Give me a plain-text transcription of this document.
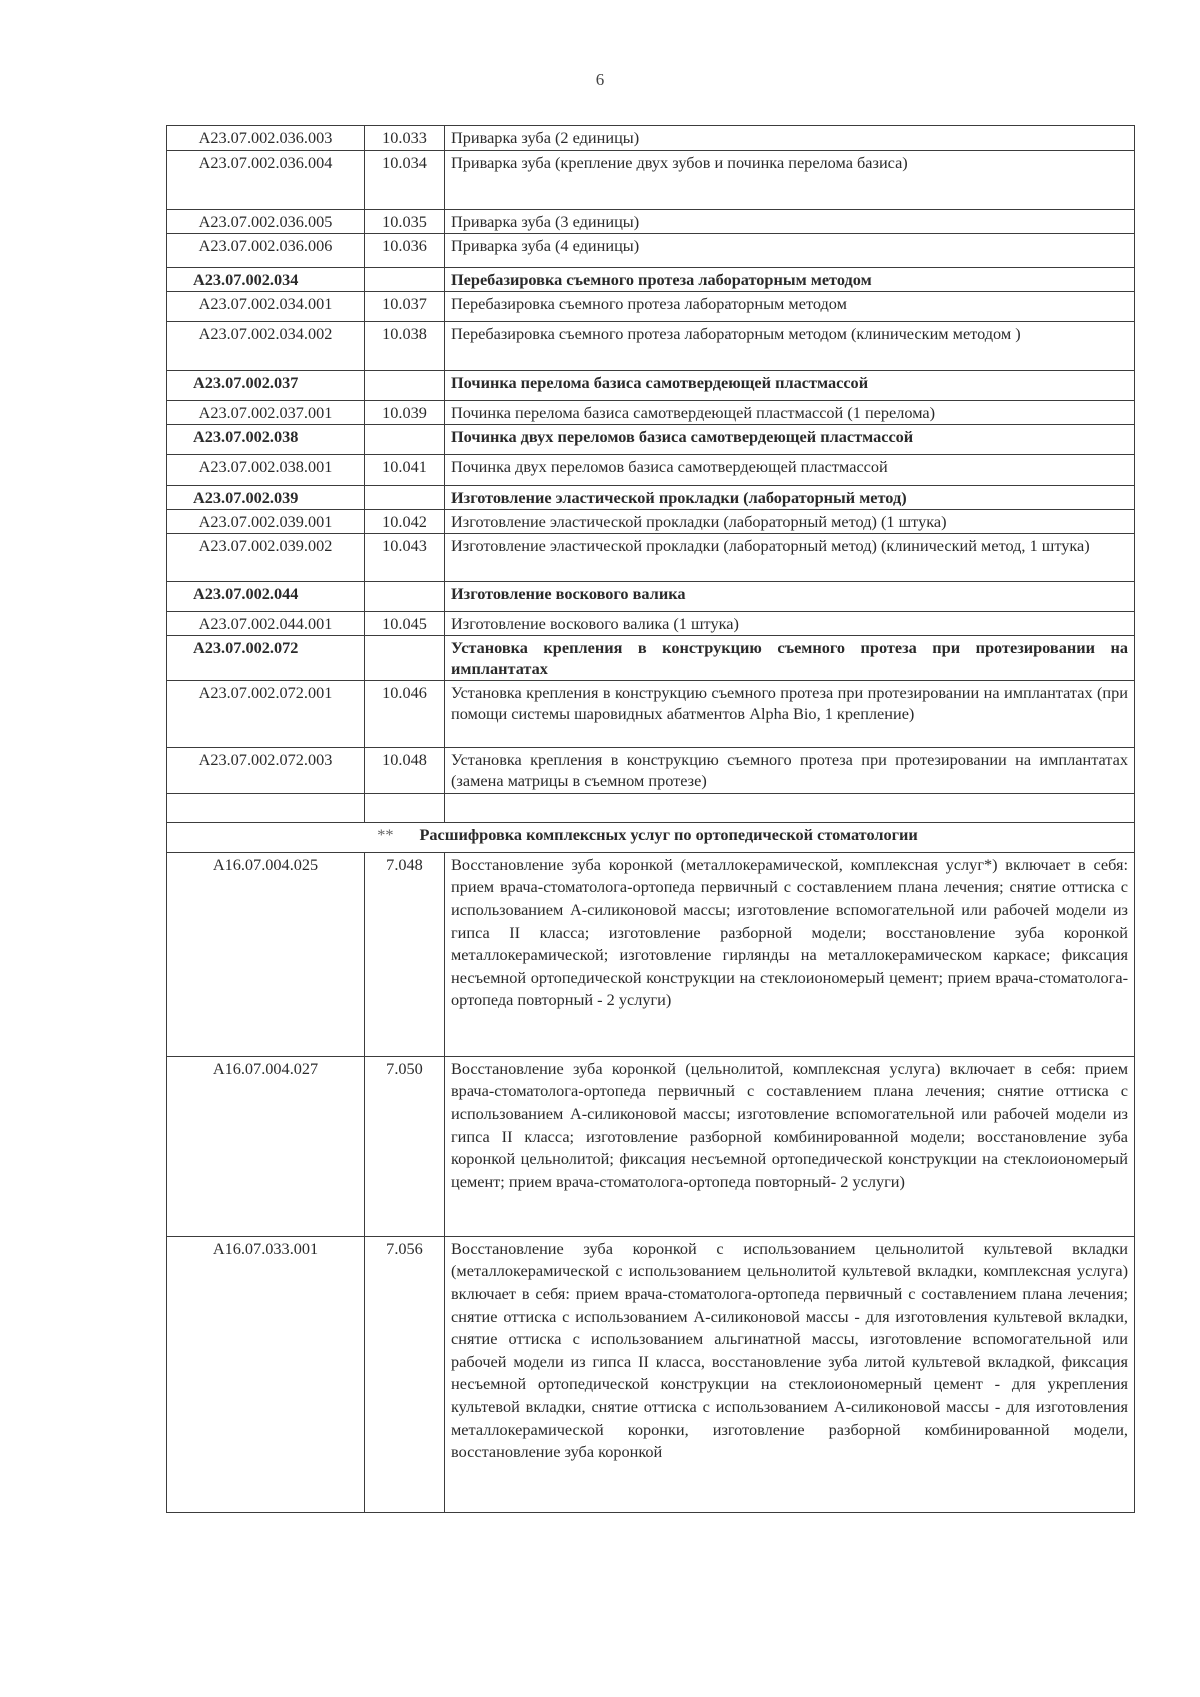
6
А23.07.002.036.003	10.033	Приварка зуба (2 единицы)
А23.07.002.036.004	10.034	Приварка зуба (крепление двух зубов и починка перелома базиса)
А23.07.002.036.005	10.035	Приварка зуба (3 единицы)
А23.07.002.036.006	10.036	Приварка зуба (4 единицы)
А23.07.002.034		Перебазировка съемного протеза лабораторным методом
А23.07.002.034.001	10.037	Перебазировка съемного протеза лабораторным методом
А23.07.002.034.002	10.038	Перебазировка съемного протеза лабораторным методом (клиническим методом )
А23.07.002.037		Починка перелома базиса самотвердеющей пластмассой
А23.07.002.037.001	10.039	Починка перелома базиса самотвердеющей пластмассой (1 перелома)
А23.07.002.038		Починка двух переломов базиса самотвердеющей пластмассой
А23.07.002.038.001	10.041	Починка двух переломов базиса самотвердеющей пластмассой
А23.07.002.039		Изготовление эластической прокладки (лабораторный метод)
А23.07.002.039.001	10.042	Изготовление эластической прокладки (лабораторный метод) (1 штука)
А23.07.002.039.002	10.043	Изготовление эластической прокладки (лабораторный метод) (клинический метод, 1 штука)
А23.07.002.044		Изготовление воскового валика
А23.07.002.044.001	10.045	Изготовление воскового валика (1 штука)
А23.07.002.072		Установка крепления в конструкцию съемного протеза при протезировании на имплантатах
А23.07.002.072.001	10.046	Установка крепления в конструкцию съемного протеза при протезировании на имплантатах (при помощи системы шаровидных абатментов Alpha Bio, 1 крепление)
А23.07.002.072.003	10.048	Установка крепления в конструкцию съемного протеза при протезировании на имплантатах (замена матрицы в съемном протезе)

** Расшифровка комплексных услуг по ортопедической стоматологии		
А16.07.004.025	7.048	Восстановление зуба коронкой (металлокерамической, комплексная услуг*) включает в себя: прием врача-стоматолога-ортопеда первичный с составлением плана лечения; снятие оттиска с использованием А-силиконовой массы; изготовление вспомогательной или рабочей модели из гипса II класса; изготовление разборной модели; восстановление зуба коронкой металлокерамической; изготовление гирлянды на металлокерамическом каркасе; фиксация несъемной ортопедической конструкции на стеклоиономерый цемент; прием врача-стоматолога-ортопеда повторный - 2 услуги)
А16.07.004.027	7.050	Восстановление зуба коронкой (цельнолитой, комплексная услуга) включает в себя: прием врача-стоматолога-ортопеда первичный с составлением плана лечения; снятие оттиска с использованием А-силиконовой массы; изготовление вспомогательной или рабочей модели из гипса II класса; изготовление разборной комбинированной модели; восстановление зуба коронкой цельнолитой; фиксация несъемной ортопедической конструкции на стеклоиономерый цемент; прием врача-стоматолога-ортопеда повторный- 2 услуги)
А16.07.033.001	7.056	Восстановление зуба коронкой с использованием цельнолитой культевой вкладки (металлокерамической с использованием цельнолитой культевой вкладки, комплексная услуга) включает в себя: прием врача-стоматолога-ортопеда первичный с составлением плана лечения; снятие оттиска с использованием А-силиконовой массы - для изготовления культевой вкладки, снятие оттиска с использованием альгинатной массы, изготовление вспомогательной или рабочей модели из гипса II класса, восстановление зуба литой культевой вкладкой, фиксация несъемной ортопедической конструкции на стеклоиономерный цемент - для укрепления культевой вкладки, снятие оттиска с использованием А-силиконовой массы - для изготовления металлокерамической коронки, изготовление разборной комбинированной модели, восстановление зуба коронкой
